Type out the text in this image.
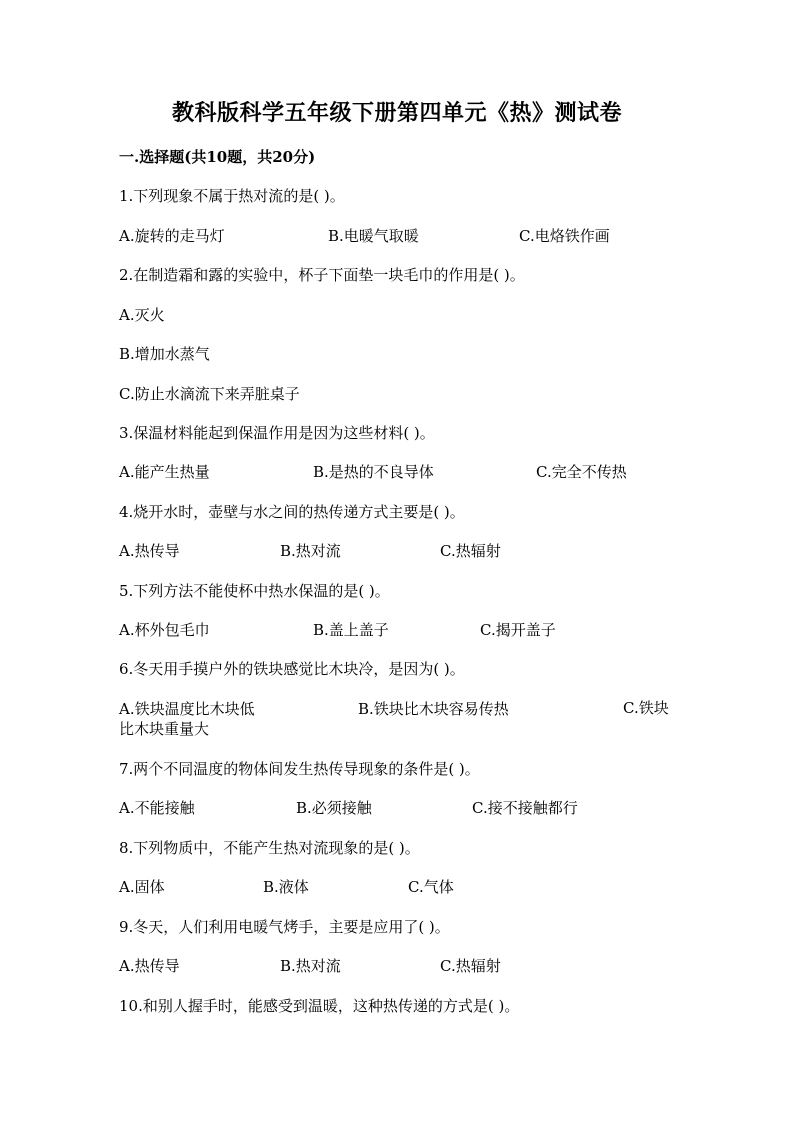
教科版科学五年级下册第四单元《热》测试卷
一.选择题(共10题，共20分)
1.下列现象不属于热对流的是( )。
A.旋转的走马灯	B.电暖气取暖	C.电烙铁作画
2.在制造霜和露的实验中，杯子下面垫一块毛巾的作用是( )。
A.灭火
B.增加水蒸气
C.防止水滴流下来弄脏桌子
3.保温材料能起到保温作用是因为这些材料( )。
A.能产生热量	B.是热的不良导体	C.完全不传热
4.烧开水时，壶壁与水之间的热传递方式主要是( )。
A.热传导	B.热对流	C.热辐射
5.下列方法不能使杯中热水保温的是( )。
A.杯外包毛巾	B.盖上盖子	C.揭开盖子
6.冬天用手摸户外的铁块感觉比木块冷，是因为( )。
A.铁块温度比木块低	B.铁块比木块容易传热	C.铁块比木块重量大
7.两个不同温度的物体间发生热传导现象的条件是( )。
A.不能接触	B.必须接触	C.接不接触都行
8.下列物质中，不能产生热对流现象的是( )。
A.固体	B.液体	C.气体
9.冬天，人们利用电暖气烤手，主要是应用了( )。
A.热传导	B.热对流	C.热辐射
10.和别人握手时，能感受到温暖，这种热传递的方式是( )。
